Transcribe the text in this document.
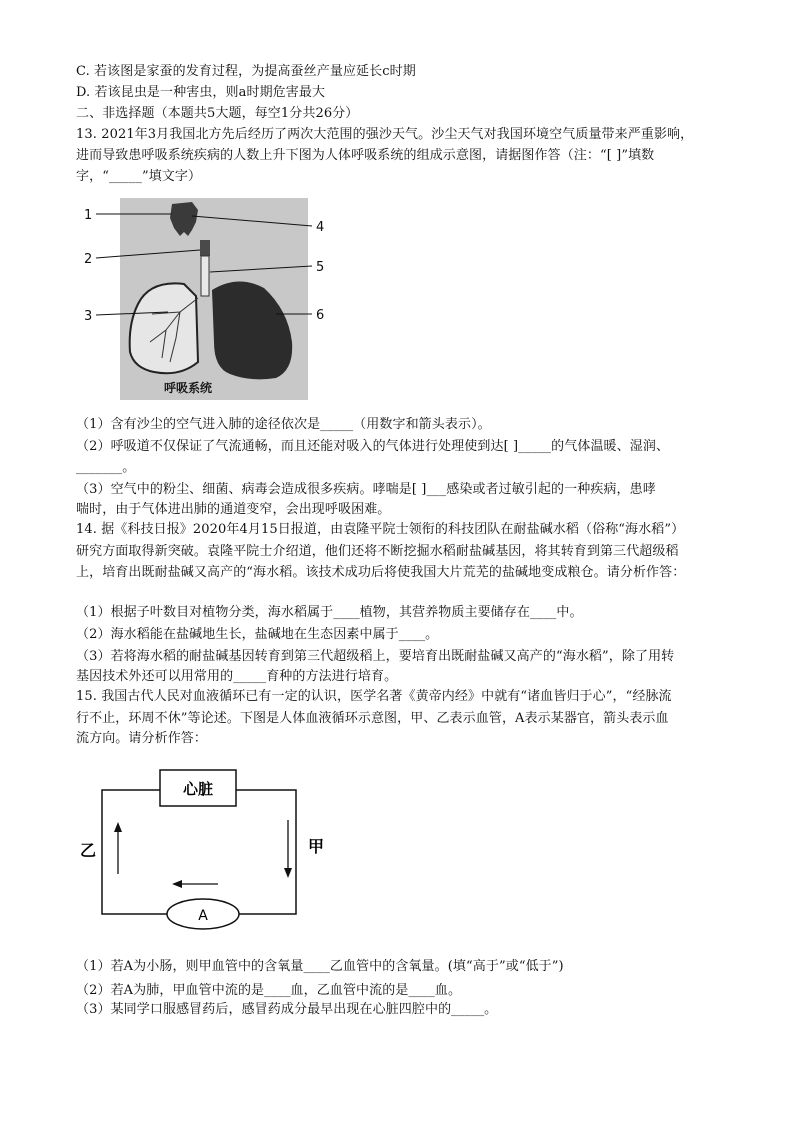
C. 若该图是家蚕的发育过程，为提高蚕丝产量应延长c时期
D. 若该昆虫是一种害虫，则a时期危害最大
二、非选择题（本题共5大题，每空1分共26分）
13. 2021年3月我国北方先后经历了两次大范围的强沙天气。沙尘天气对我国环境空气质量带来严重影响，
进而导致患呼吸系统疾病的人数上升下图为人体呼吸系统的组成示意图，请据图作答（注：“[ ]”填数
字，“_____”填文字）
1
2
3
4
5
6
呼吸系统
（1）含有沙尘的空气进入肺的途径依次是_____（用数字和箭头表示）。
（2）呼吸道不仅保证了气流通畅，而且还能对吸入的气体进行处理使到达[ ]_____的气体温暖、湿润、
_______。
（3）空气中的粉尘、细菌、病毒会造成很多疾病。哮喘是[ ]___感染或者过敏引起的一种疾病，患哮
喘时，由于气体进出肺的通道变窄，会出现呼吸困难。
14. 据《科技日报》2020年4月15日报道，由袁隆平院士领衔的科技团队在耐盐碱水稻（俗称“海水稻”）
研究方面取得新突破。袁隆平院士介绍道，他们还将不断挖掘水稻耐盐碱基因，将其转育到第三代超级稻
上，培育出既耐盐碱又高产的“海水稻。该技术成功后将使我国大片荒芜的盐碱地变成粮仓。请分析作答：
（1）根据子叶数目对植物分类，海水稻属于____植物，其营养物质主要储存在____中。
（2）海水稻能在盐碱地生长，盐碱地在生态因素中属于____。
（3）若将海水稻的耐盐碱基因转育到第三代超级稻上，要培育出既耐盐碱又高产的“海水稻”，除了用转
基因技术外还可以用常用的_____育种的方法进行培育。
15. 我国古代人民对血液循环已有一定的认识，医学名著《黄帝内经》中就有“诸血皆归于心”，“经脉流
行不止，环周不休”等论述。下图是人体血液循环示意图，甲、乙表示血管，A表示某器官，箭头表示血
流方向。请分析作答：
心脏
A
乙	甲
（1）若A为小肠，则甲血管中的含氧量____乙血管中的含氧量。(填“高于”或“低于”)
（2）若A为肺，甲血管中流的是____血，乙血管中流的是____血。
（3）某同学口服感冒药后，感冒药成分最早出现在心脏四腔中的_____。
